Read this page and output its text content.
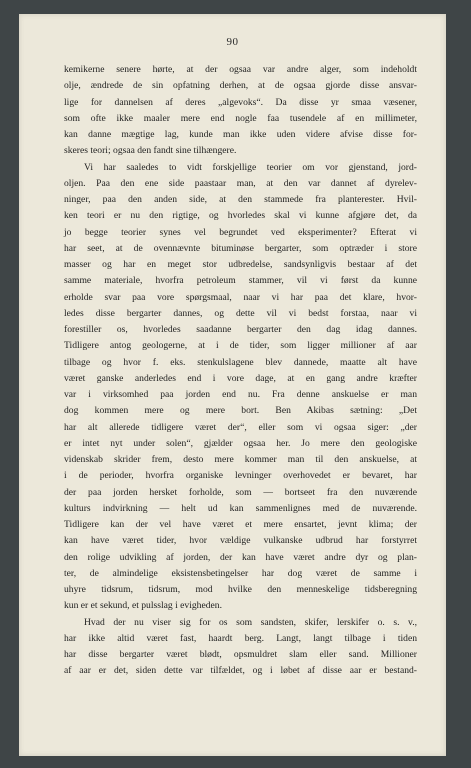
90
kemikerne senere hørte, at der ogsaa var andre alger, som indeholdt
olje, ændrede de sin opfatning derhen, at de ogsaa gjorde disse ansvar-
lige for dannelsen af deres „algevoks“. Da disse yr smaa væsener,
som ofte ikke maaler mere end nogle faa tusendele af en millimeter,
kan danne mægtige lag, kunde man ikke uden videre afvise disse for-
skeres teori; ogsaa den fandt sine tilhængere.
Vi har saaledes to vidt forskjellige teorier om vor gjenstand, jord-
oljen. Paa den ene side paastaar man, at den var dannet af dyrelev-
ninger, paa den anden side, at den stammede fra planterester. Hvil-
ken teori er nu den rigtige, og hvorledes skal vi kunne afgjøre det, da
jo begge teorier synes vel begrundet ved eksperimenter? Efterat vi
har seet, at de ovennævnte bituminøse bergarter, som optræder i store
masser og har en meget stor udbredelse, sandsynligvis bestaar af det
samme materiale, hvorfra petroleum stammer, vil vi først da kunne
erholde svar paa vore spørgsmaal, naar vi har paa det klare, hvor-
ledes disse bergarter dannes, og dette vil vi bedst forstaa, naar vi
forestiller os, hvorledes saadanne bergarter den dag idag dannes.
Tidligere antog geologerne, at i de tider, som ligger millioner af aar
tilbage og hvor f. eks. stenkulslagene blev dannede, maatte alt have
været ganske anderledes end i vore dage, at en gang andre kræfter
var i virksomhed paa jorden end nu. Fra denne anskuelse er man
dog kommen mere og mere bort. Ben Akibas sætning: „Det
har alt allerede tidligere været der“, eller som vi ogsaa siger: „der
er intet nyt under solen“, gjælder ogsaa her. Jo mere den geologiske
videnskab skrider frem, desto mere kommer man til den anskuelse, at
i de perioder, hvorfra organiske levninger overhovedet er bevaret, har
der paa jorden hersket forholde, som — bortseet fra den nuværende
kulturs indvirkning — helt ud kan sammenlignes med de nuværende.
Tidligere kan der vel have været et mere ensartet, jevnt klima; der
kan have været tider, hvor vældige vulkanske udbrud har forstyrret
den rolige udvikling af jorden, der kan have været andre dyr og plan-
ter, de almindelige eksistensbetingelser har dog været de samme i
uhyre tidsrum, tidsrum, mod hvilke den menneskelige tidsberegning
kun er et sekund, et pulsslag i evigheden.
Hvad der nu viser sig for os som sandsten, skifer, lerskifer o. s. v.,
har ikke altid været fast, haardt berg. Langt, langt tilbage i tiden
har disse bergarter været blødt, opsmuldret slam eller sand. Millioner
af aar er det, siden dette var tilfældet, og i løbet af disse aar er bestand-
